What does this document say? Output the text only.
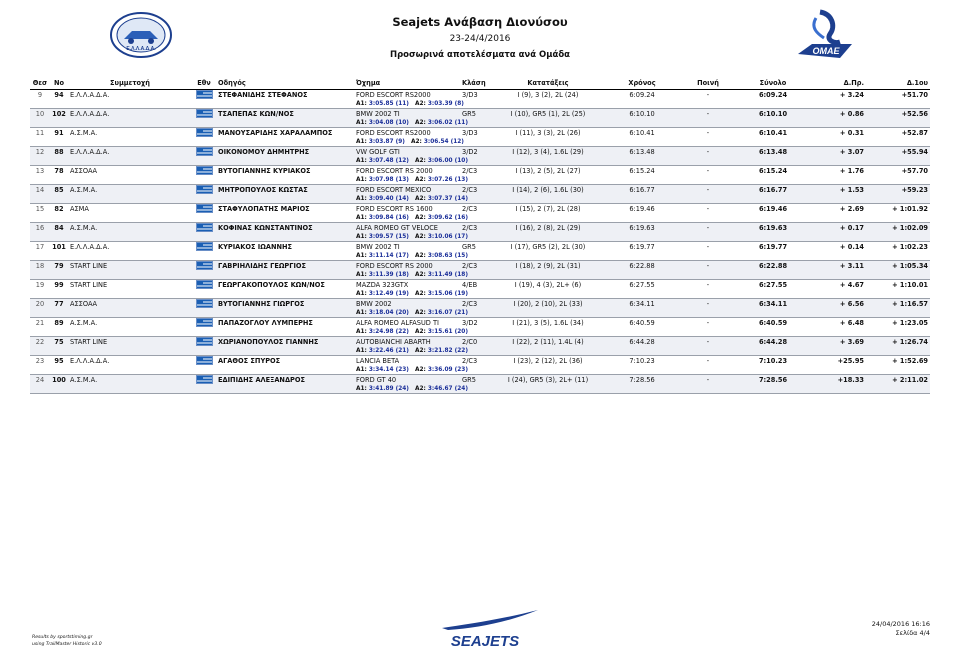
Ε.Λ.Λ.Α.Δ.Α.
Seajets Ανάβαση Διονύσου
23-24/4/2016
Προσωρινά αποτελέσματα ανά Ομάδα	ΟΜΑΕ
Θεσ	Νο	Συμμετοχή	Εθν	Οδηγός	Όχημα	Κλάση	Κατατάξεις	Χρόνος	Ποινή	Σύνολο	Δ.Πρ.	Δ.1ου
9	94	Ε.Λ.Λ.Α.Δ.Α.		ΣΤΕΦΑΝΙΔΗΣ ΣΤΕΦΑΝΟΣ	FORD ESCORT RS2000	3/D3	I (9), 3 (2), 2L (24)	6:09.24	-	6:09.24	+ 3.24	+51.70
					A1: 3:05.85 (11) A2: 3:03.39 (8)							
10	102	Ε.Λ.Λ.Α.Δ.Α.		ΤΣΑΠΕΠΑΣ ΚΩΝ/ΝΟΣ	BMW 2002 TI	GR5	I (10), GR5 (1), 2L (25)	6:10.10	-	6:10.10	+ 0.86	+52.56
					A1: 3:04.08 (10) A2: 3:06.02 (11)							
11	91	Α.Σ.Μ.Α.		ΜΑΝΟΥΣΑΡΙΔΗΣ ΧΑΡΑΛΑΜΠΟΣ	FORD ESCORT RS2000	3/D3	I (11), 3 (3), 2L (26)	6:10.41	-	6:10.41	+ 0.31	+52.87
					A1: 3:03.87 (9) A2: 3:06.54 (12)							
12	88	Ε.Λ.Λ.Α.Δ.Α.		ΟΙΚΟΝΟΜΟΥ ΔΗΜΗΤΡΗΣ	VW GOLF GTI	3/D2	I (12), 3 (4), 1.6L (29)	6:13.48	-	6:13.48	+ 3.07	+55.94
					A1: 3:07.48 (12) A2: 3:06.00 (10)							
13	78	ΑΣΣΟΑΑ		ΒΥΤΟΓΙΑΝΝΗΣ ΚΥΡΙΑΚΟΣ	FORD ESCORT RS 2000	2/C3	I (13), 2 (5), 2L (27)	6:15.24	-	6:15.24	+ 1.76	+57.70
					A1: 3:07.98 (13) A2: 3:07.26 (13)							
14	85	Α.Σ.Μ.Α.		ΜΗΤΡΟΠΟΥΛΟΣ ΚΩΣΤΑΣ	FORD ESCORT MEXICO	2/C3	I (14), 2 (6), 1.6L (30)	6:16.77	-	6:16.77	+ 1.53	+59.23
					A1: 3:09.40 (14) A2: 3:07.37 (14)							
15	82	ΑΣΜΑ		ΣΤΑΦΥΛΟΠΑΤΗΣ ΜΑΡΙΟΣ	FORD ESCORT RS 1600	2/C3	I (15), 2 (7), 2L (28)	6:19.46	-	6:19.46	+ 2.69	+ 1:01.92
					A1: 3:09.84 (16) A2: 3:09.62 (16)							
16	84	Α.Σ.Μ.Α.		ΚΟΦΙΝΑΣ ΚΩΝΣΤΑΝΤΙΝΟΣ	ALFA ROMEO GT VELOCE	2/C3	I (16), 2 (8), 2L (29)	6:19.63	-	6:19.63	+ 0.17	+ 1:02.09
					A1: 3:09.57 (15) A2: 3:10.06 (17)							
17	101	Ε.Λ.Λ.Α.Δ.Α.		ΚΥΡΙΑΚΟΣ ΙΩΑΝΝΗΣ	BMW 2002 TI	GR5	I (17), GR5 (2), 2L (30)	6:19.77	-	6:19.77	+ 0.14	+ 1:02.23
					A1: 3:11.14 (17) A2: 3:08.63 (15)							
18	79	START LINE		ΓΑΒΡΙΗΛΙΔΗΣ ΓΕΩΡΓΙΟΣ	FORD ESCORT RS 2000	2/C3	I (18), 2 (9), 2L (31)	6:22.88	-	6:22.88	+ 3.11	+ 1:05.34
					A1: 3:11.39 (18) A2: 3:11.49 (18)							
19	99	START LINE		ΓΕΩΡΓΑΚΟΠΟΥΛΟΣ ΚΩΝ/ΝΟΣ	MAZDA 323GTX	4/EB	I (19), 4 (3), 2L+ (6)	6:27.55	-	6:27.55	+ 4.67	+ 1:10.01
					A1: 3:12.49 (19) A2: 3:15.06 (19)							
20	77	ΑΣΣΟΑΑ		ΒΥΤΟΓΙΑΝΝΗΣ ΓΙΩΡΓΟΣ	BMW 2002	2/C3	I (20), 2 (10), 2L (33)	6:34.11	-	6:34.11	+ 6.56	+ 1:16.57
					A1: 3:18.04 (20) A2: 3:16.07 (21)							
21	89	Α.Σ.Μ.Α.		ΠΑΠΑΖΟΓΛΟΥ ΛΥΜΠΕΡΗΣ	ALFA ROMEO ALFASUD TI	3/D2	I (21), 3 (5), 1.6L (34)	6:40.59	-	6:40.59	+ 6.48	+ 1:23.05
					A1: 3:24.98 (22) A2: 3:15.61 (20)							
22	75	START LINE		ΧΩΡΙΑΝΟΠΟΥΛΟΣ ΓΙΑΝΝΗΣ	AUTOBIANCHI ABARTH	2/C0	I (22), 2 (11), 1.4L (4)	6:44.28	-	6:44.28	+ 3.69	+ 1:26.74
					A1: 3:22.46 (21) A2: 3:21.82 (22)							
23	95	Ε.Λ.Λ.Α.Δ.Α.		ΑΓΑΘΟΣ ΣΠΥΡΟΣ	LANCIA BETA	2/C3	I (23), 2 (12), 2L (36)	7:10.23	-	7:10.23	+25.95	+ 1:52.69
					A1: 3:34.14 (23) A2: 3:36.09 (23)							
24	100	Α.Σ.Μ.Α.		ΕΔΙΠΙΔΗΣ ΑΛΕΞΑΝΔΡΟΣ	FORD GT 40	GR5	I (24), GR5 (3), 2L+ (11)	7:28.56	-	7:28.56	+18.33	+ 2:11.02
					A1: 3:41.89 (24) A2: 3:46.67 (24)							
Results by sportstiming.gr
using TrailMaster Historic v3.0	SEAJETS
24/04/2016 16:16
Σελίδα 4/4
